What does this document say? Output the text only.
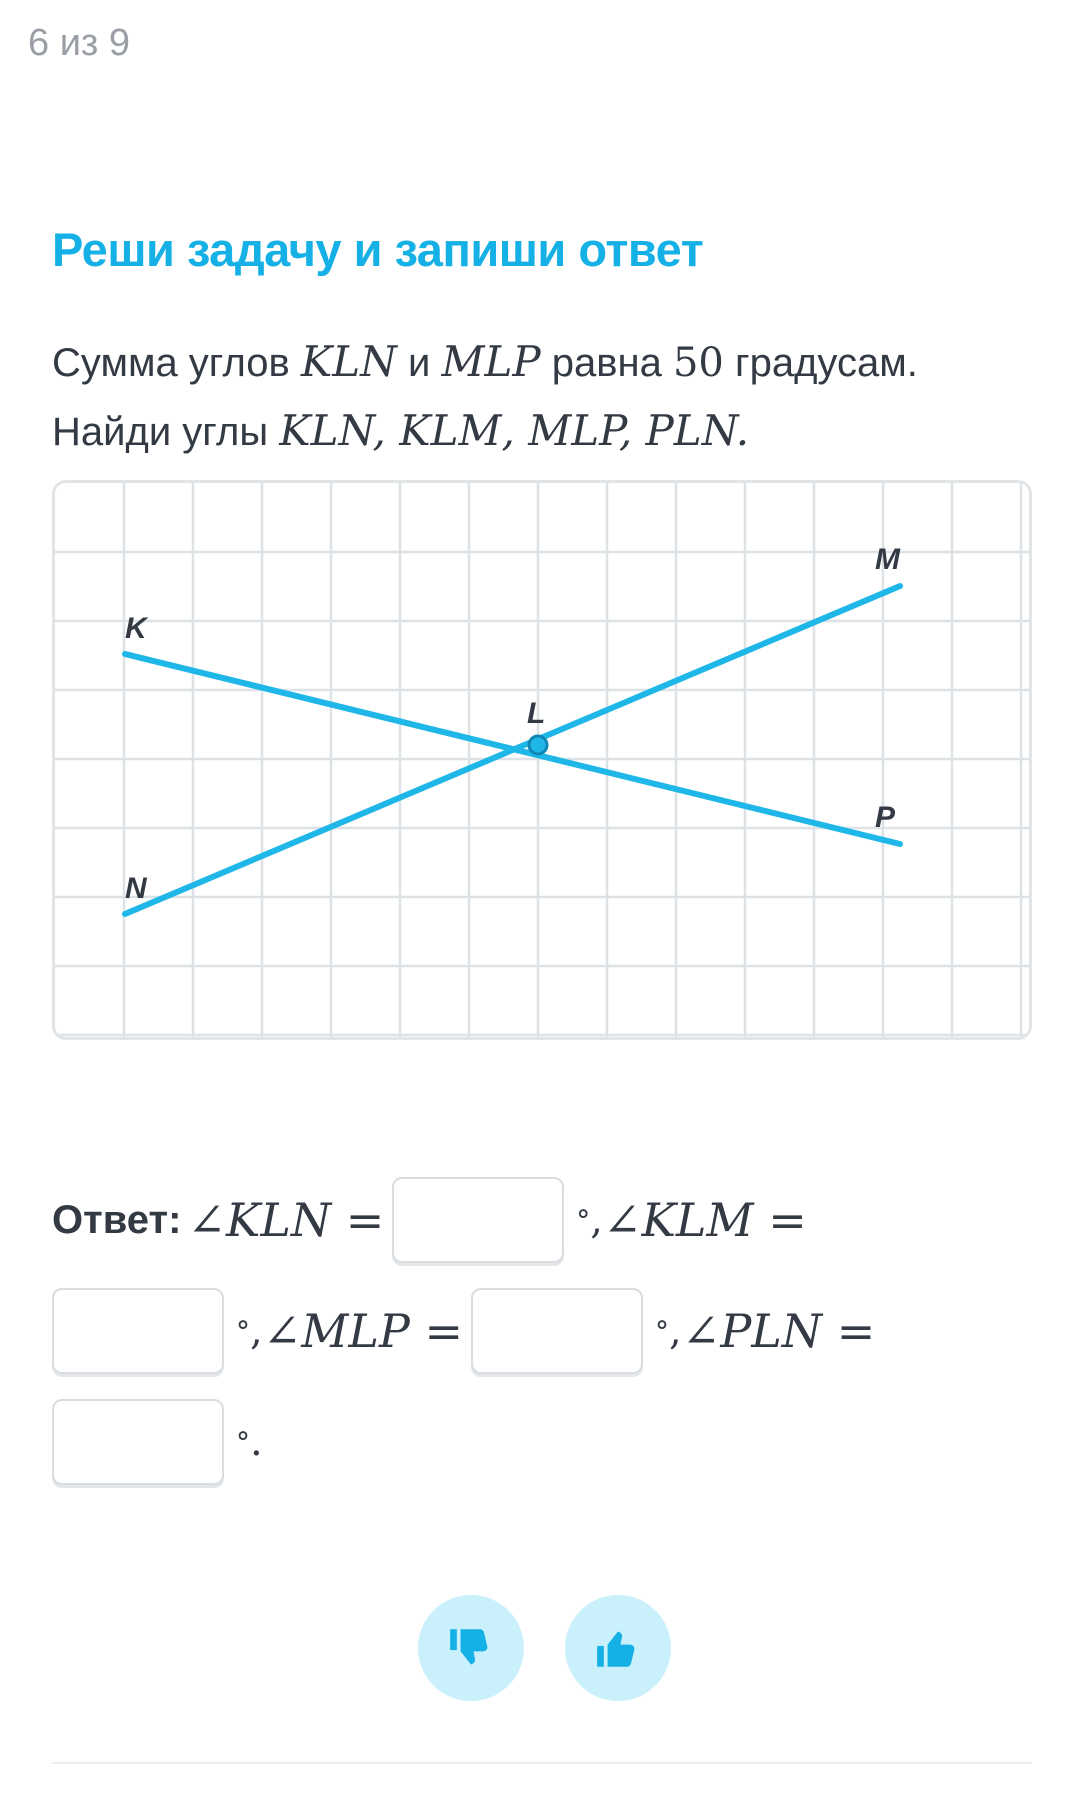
6 из 9
Реши задачу и запиши ответ
Сумма углов KLN и MLP равна 50 градусам.
Найди углы KLN, KLM, MLP, PLN.
K
L
M
N
P
Ответ: ∠KLN =	° , ∠KLM =
° , ∠MLP =	° , ∠PLN =
° .
